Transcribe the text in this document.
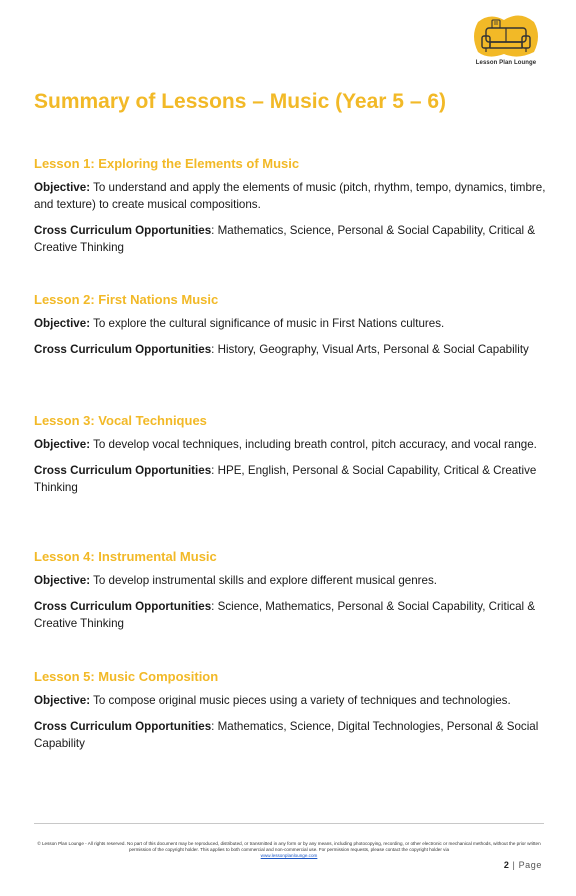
Lesson Plan Lounge
Summary of Lessons – Music (Year 5 – 6)
Lesson 1: Exploring the Elements of Music

Objective: To understand and apply the elements of music (pitch, rhythm, tempo, dynamics, timbre, and texture) to create musical compositions.

Cross Curriculum Opportunities: Mathematics, Science, Personal & Social Capability, Critical & Creative Thinking

Lesson 2: First Nations Music

Objective: To explore the cultural significance of music in First Nations cultures.

Cross Curriculum Opportunities: History, Geography, Visual Arts, Personal & Social Capability

Lesson 3: Vocal Techniques

Objective: To develop vocal techniques, including breath control, pitch accuracy, and vocal range.

Cross Curriculum Opportunities: HPE, English, Personal & Social Capability, Critical & Creative Thinking

Lesson 4: Instrumental Music

Objective: To develop instrumental skills and explore different musical genres.

Cross Curriculum Opportunities: Science, Mathematics, Personal & Social Capability, Critical & Creative Thinking

Lesson 5: Music Composition

Objective: To compose original music pieces using a variety of techniques and technologies.

Cross Curriculum Opportunities: Mathematics, Science, Digital Technologies, Personal & Social Capability

© Lesson Plan Lounge - All rights reserved. No part of this document may be reproduced, distributed, or transmitted in any form or by any means, including photocopying, recording, or other electronic or mechanical methods, without the prior written permission of the copyright holder. This applies to both commercial and non-commercial use. For permission requests, please contact the copyright holder via
www.lessonplanlounge.com
2 | Page
